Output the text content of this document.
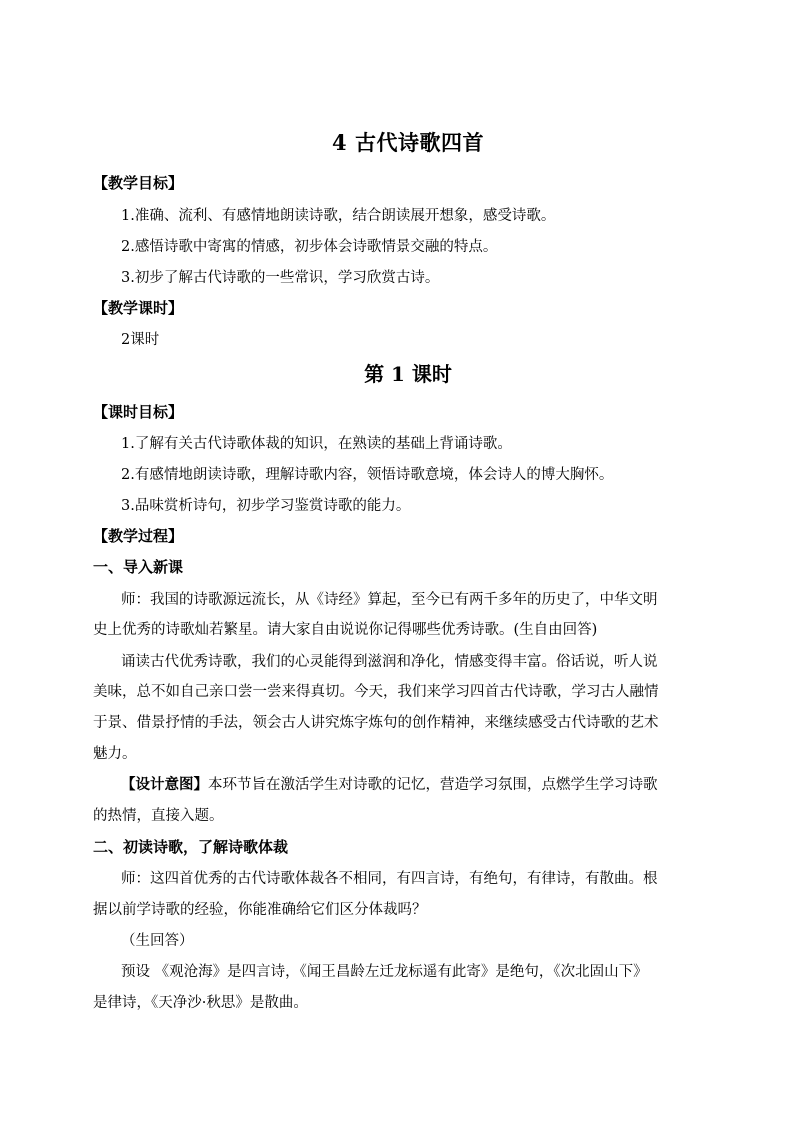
4 古代诗歌四首
【教学目标】
1.准确、流利、有感情地朗读诗歌，结合朗读展开想象，感受诗歌。
2.感悟诗歌中寄寓的情感，初步体会诗歌情景交融的特点。
3.初步了解古代诗歌的一些常识，学习欣赏古诗。
【教学课时】
2课时
第 1 课时
【课时目标】
1.了解有关古代诗歌体裁的知识，在熟读的基础上背诵诗歌。
2.有感情地朗读诗歌，理解诗歌内容，领悟诗歌意境，体会诗人的博大胸怀。
3.品味赏析诗句，初步学习鉴赏诗歌的能力。
【教学过程】
一、导入新课
师：我国的诗歌源远流长，从《诗经》算起，至今已有两千多年的历史了，中华文明
史上优秀的诗歌灿若繁星。请大家自由说说你记得哪些优秀诗歌。(生自由回答)
诵读古代优秀诗歌，我们的心灵能得到滋润和净化，情感变得丰富。俗话说，听人说
美味，总不如自己亲口尝一尝来得真切。今天，我们来学习四首古代诗歌，学习古人融情
于景、借景抒情的手法，领会古人讲究炼字炼句的创作精神，来继续感受古代诗歌的艺术
魅力。
【设计意图】本环节旨在激活学生对诗歌的记忆，营造学习氛围，点燃学生学习诗歌
的热情，直接入题。
二、初读诗歌，了解诗歌体裁
师：这四首优秀的古代诗歌体裁各不相同，有四言诗，有绝句，有律诗，有散曲。根
据以前学诗歌的经验，你能准确给它们区分体裁吗？
（生回答）
预设 《观沧海》是四言诗，《闻王昌龄左迁龙标遥有此寄》是绝句，《次北固山下》
是律诗，《天净沙·秋思》是散曲。
